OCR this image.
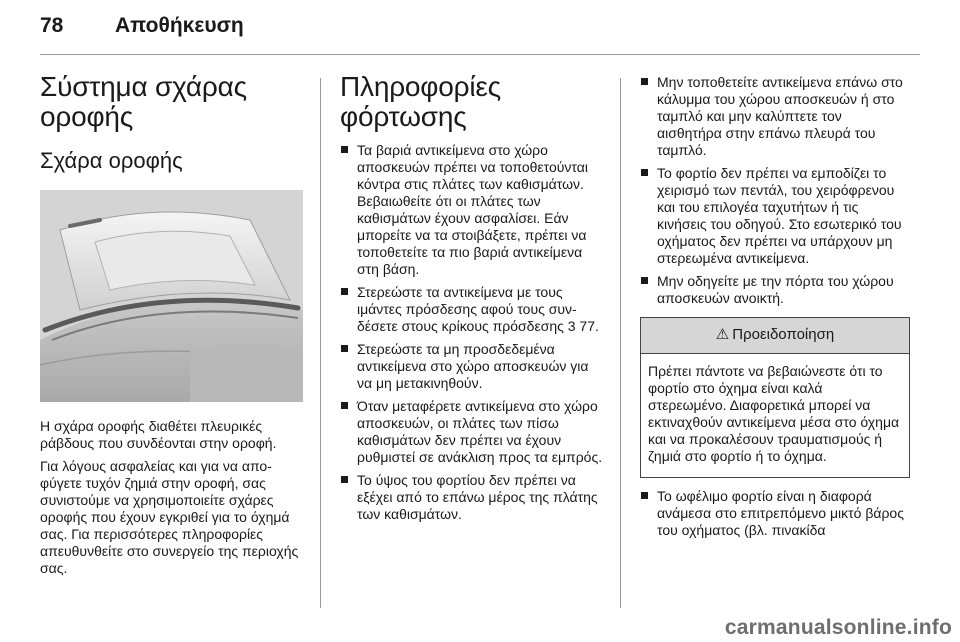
78 Αποθήκευση
Σύστημα σχάρας οροφής
Σχάρα οροφής

Η σχάρα οροφής διαθέτει πλευρικές ράβδους που συνδέονται στην οροφή.

Για λόγους ασφαλείας και για να αποφύγετε τυχόν ζημιά στην οροφή, σας συνιστούμε να χρησιμοποιείτε σχάρες οροφής που έχουν εγκριθεί για το όχημά σας. Για περισσότερες πληροφορίες απευθυνθείτε στο συνεργείο της περιοχής σας.

Πληροφορίες φόρτωσης
Τα βαριά αντικείμενα στο χώρο αποσκευών πρέπει να τοποθετούνται κόντρα στις πλάτες των καθισμάτων. Βεβαιωθείτε ότι οι πλάτες των καθισμάτων έχουν ασφαλίσει. Εάν μπορείτε να τα στοιβάξετε, πρέπει να τοποθετείτε τα πιο βαριά αντικείμενα στη βάση.
Στερεώστε τα αντικείμενα με τους ιμάντες πρόσδεσης αφού τους συνδέσετε στους κρίκους πρόσδεσης 3 77.
Στερεώστε τα μη προσδεδεμένα αντικείμενα στο χώρο αποσκευών για να μη μετακινηθούν.
Όταν μεταφέρετε αντικείμενα στο χώρο αποσκευών, οι πλάτες των πίσω καθισμάτων δεν πρέπει να έχουν ρυθμιστεί σε ανάκλιση προς τα εμπρός.
Το ύψος του φορτίου δεν πρέπει να εξέχει από το επάνω μέρος της πλάτης των καθισμάτων.
Μην τοποθετείτε αντικείμενα επάνω στο κάλυμμα του χώρου αποσκευών ή στο ταμπλό και μην καλύπτετε τον αισθητήρα στην επάνω πλευρά του ταμπλό.
Το φορτίο δεν πρέπει να εμποδίζει το χειρισμό των πεντάλ, του χειρόφρενου και του επιλογέα ταχυτήτων ή τις κινήσεις του οδηγού. Στο εσωτερικό του οχήματος δεν πρέπει να υπάρχουν μη στερεωμένα αντικείμενα.
Μην οδηγείτε με την πόρτα του χώρου αποσκευών ανοικτή.
⚠ Προειδοποίηση
Πρέπει πάντοτε να βεβαιώνεστε ότι το φορτίο στο όχημα είναι καλά στερεωμένο. Διαφορετικά μπορεί να εκτιναχθούν αντικείμενα μέσα στο όχημα και να προκαλέσουν τραυματισμούς ή ζημιά στο φορτίο ή το όχημα.
Το ωφέλιμο φορτίο είναι η διαφορά ανάμεσα στο επιτρεπόμενο μικτό βάρος του οχήματος (βλ. πινακίδα
carmanualsonline.info
